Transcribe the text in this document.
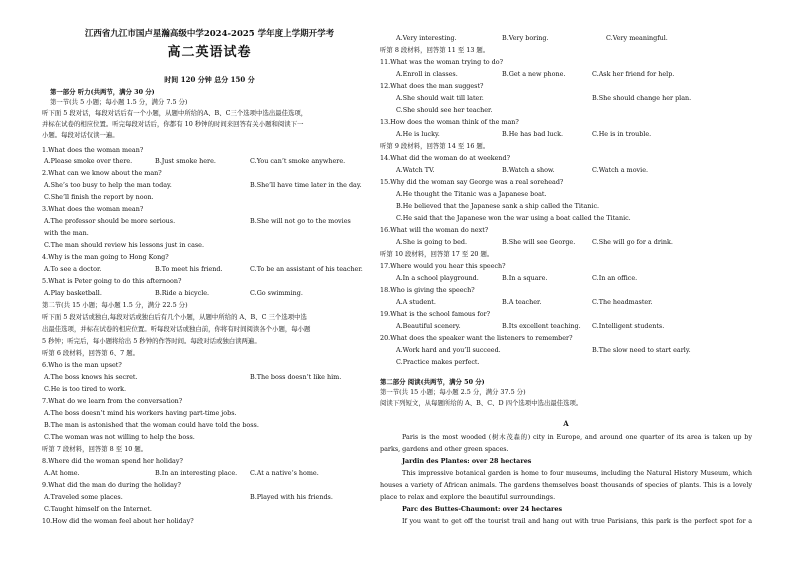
江西省九江市国卢星瀚高级中学2024-2025 学年度上学期开学考
高二英语试卷
时间 120 分钟 总分 150 分
第一部分 听力(共两节，满分 30 分)
第一节(共 5 小题；每小题 1.5 分，满分 7.5 分)
听下面 5 段对话，每段对话后有一个小题，从题中所给的A、B、C三个选项中选出最佳选项，
并标在试卷的相应位置。听完每段对话后，你都有 10 秒钟的时间来回答有关小题和阅读下一
小题。每段对话仅读一遍。
1.What does the woman mean?
A.Please smoke over there.	B.Just smoke here.	C.You can’t smoke anywhere.
2.What can we know about the man?
A.She’s too busy to help the man today.	B.She’ll have time later in the day.
C.She’ll finish the report by noon.
3.What does the woman mean?
A.The professor should be more serious.	B.She will not go to the movies
with the man.
C.The man should review his lessons just in case.
4.Why is the man going to Hong Kong?
A.To see a doctor.	B.To meet his friend.	C.To be an assistant of his teacher.
5.What is Peter going to do this afternoon?
A.Play basketball.	B.Ride a bicycle.	C.Go swimming.
第二节(共 15 小题；每小题 1.5 分，满分 22.5 分)
听下面 5 段对话或独白,每段对话或独白后有几个小题，从题中所给的 A、B、C 三个选项中选
出最佳选项，并标在试卷的相应位置。听每段对话或独白前，你将有时间阅读各个小题，每小题
5 秒钟；听完后，每小题将给出 5 秒钟的作答时间。每段对话或独白读两遍。
听第 6 段材料，回答第 6、7 题。
6.Who is the man upset?
A.The boss knows his secret.	B.The boss doesn’t like him.
C.He is too tired to work.
7.What do we learn from the conversation?
A.The boss doesn’t mind his workers having part-time jobs.
B.The man is astonished that the woman could have told the boss.
C.The woman was not willing to help the boss.
听第 7 段材料，回答第 8 至 10 题。
8.Where did the woman spend her holiday?
A.At home.	B.In an interesting place. C.At a native’s home.
9.What did the man do during the holiday?
A.Traveled some places.	B.Played with his friends.
C.Taught himself on the Internet.
10.How did the woman feel about her holiday?
A.Very interesting.	B.Very boring.	C.Very meaningful.
听第 8 段材料，回答第 11 至 13 题。
11.What was the woman trying to do?
A.Enroll in classes.	B.Get a new phone.	C.Ask her friend for help.
12.What does the man suggest?
A.She should wait till later.	B.She should change her plan.
C.She should see her teacher.
13.How does the woman think of the man?
A.He is lucky.	B.He has bad luck.	C.He is in trouble.
听第 9 段材料，回答第 14 至 16 题。
14.What did the woman do at weekend?
A.Watch TV.	B.Watch a show.	C.Watch a movie.
15.Why did the woman say George was a real sorehead?
A.He thought the Titanic was a Japanese boat.
B.He believed that the Japanese sank a ship called the Titanic.
C.He said that the Japanese won the war using a boat called the Titanic.
16.What will the woman do next?
A.She is going to bed.	B.She will see George.	C.She will go for a drink.
听第 10 段材料，回答第 17 至 20 题。
17.Where would you hear this speech?
A.In a school playground.	B.In a square.	C.In an office.
18.Who is giving the speech?
A.A student.	B.A teacher.	C.The headmaster.
19.What is the school famous for?
A.Beautiful scenery.	B.Its excellent teaching. C.Intelligent students.
20.What does the speaker want the listeners to remember?
A.Work hard and you’ll succeed.	B.The slow need to start early.
C.Practice makes perfect.
第二部分 阅读(共两节，满分 50 分)
第一节(共 15 小题；每小题 2.5 分，满分 37.5 分)
阅读下列短文，从每题所给的 A、B、C、D 四个选项中选出最佳选项。
A
Paris is the most wooded (树木茂森的) city in Europe, and around one quarter of its area is taken up by
parks, gardens and other green spaces.
Jardin des Plantes: over 28 hectares
This impressive botanical garden is home to four museums, including the Natural History Museum, which
houses a variety of African animals. The gardens themselves boast thousands of species of plants. This is a lovely
place to relax and explore the beautiful surroundings.
Parc des Buttes-Chaumont: over 24 hectares
If you want to get off the tourist trail and hang out with true Parisians, this park is the perfect spot for a
